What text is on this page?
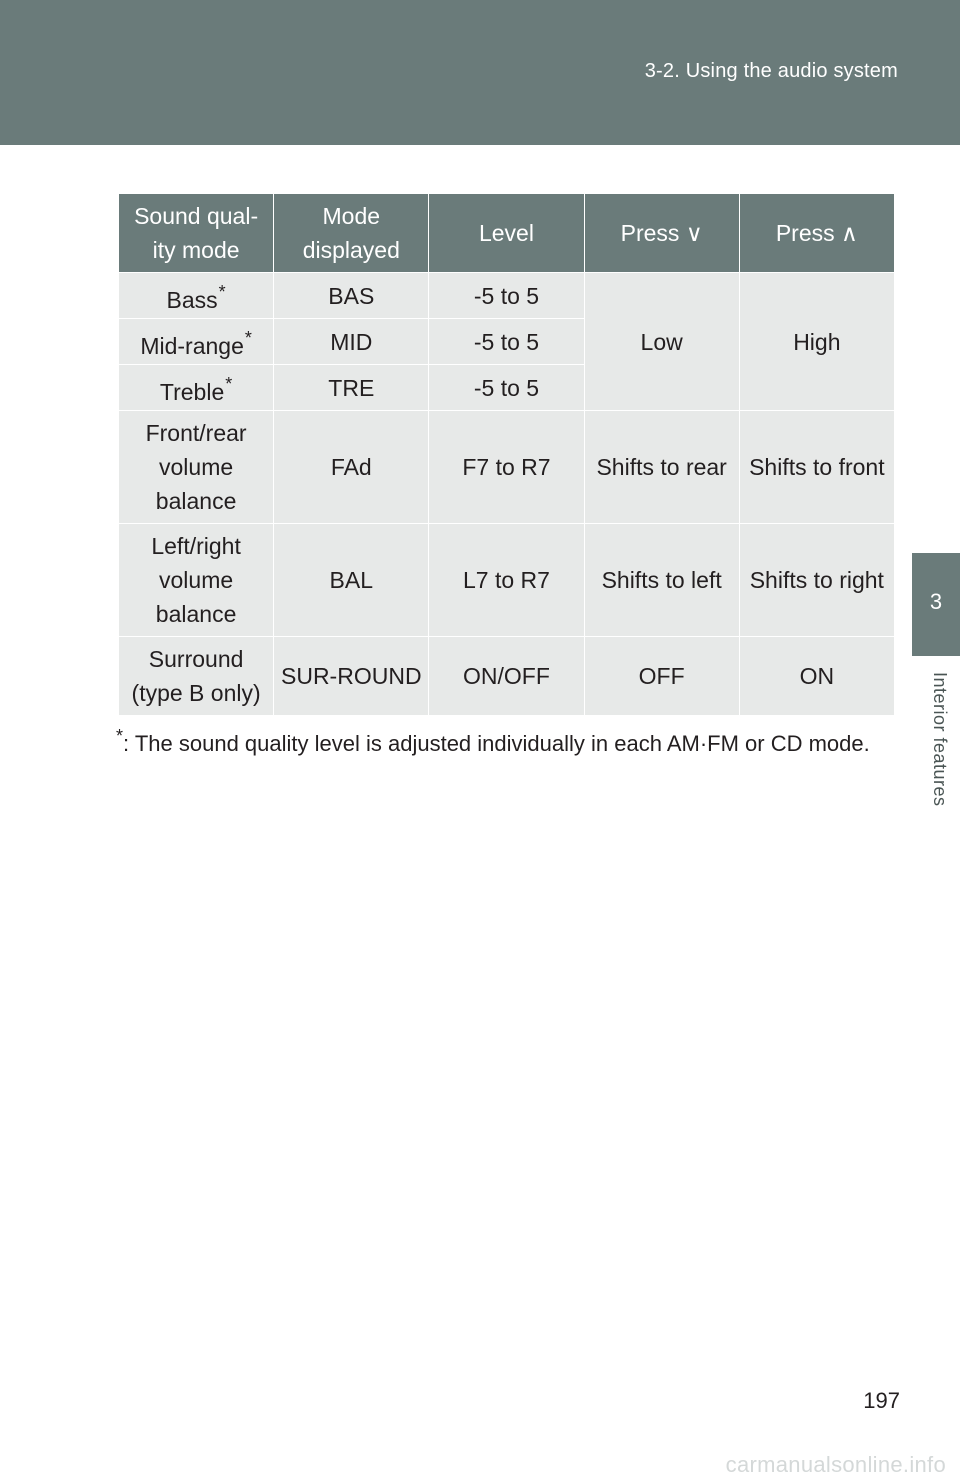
3-2. Using the audio system
3
Interior features
Sound qual-ity mode	Mode displayed	Level	Press ∨	Press ∧
Bass*	BAS	-5 to 5	Low	High
Mid-range*	MID	-5 to 5		
Treble*	TRE	-5 to 5		
Front/rear volume balance	FAd	F7 to R7	Shifts to rear	Shifts to front
Left/right volume balance	BAL	L7 to R7	Shifts to left	Shifts to right
Surround (type B only)	SUR-ROUND	ON/OFF	OFF	ON
*: The sound quality level is adjusted individually in each AM·FM or CD mode.
197
carmanualsonline.info
